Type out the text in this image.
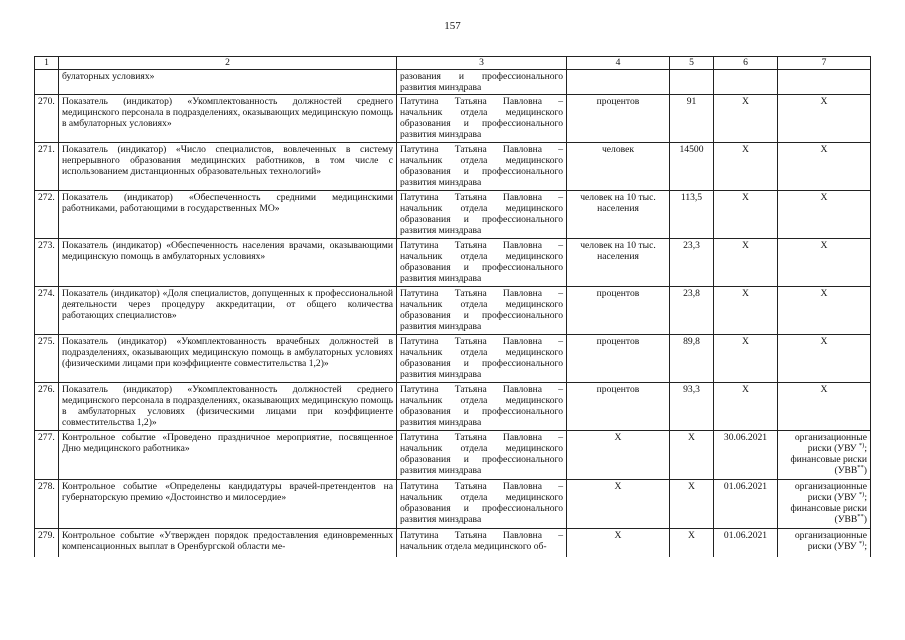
157
1	2	3	4	5	6	7
	булаторных условиях»	разования и профессионального развития минздрава				
270.	Показатель (индикатор) «Укомплектованность должностей среднего медицинского персонала в подразделениях, оказывающих медицинскую помощь в амбулаторных условиях»	Патутина Татьяна Павловна – начальник отдела медицинского образования и профессионального развития минздрава	процентов	91	Х	Х
271.	Показатель (индикатор) «Число специалистов, вовлеченных в систему непрерывного образования медицинских работников, в том числе с использованием дистанционных образовательных технологий»	Патутина Татьяна Павловна – начальник отдела медицинского образования и профессионального развития минздрава	человек	14500	Х	Х
272.	Показатель (индикатор) «Обеспеченность средними медицинскими работниками, работающими в государственных МО»	Патутина Татьяна Павловна – начальник отдела медицинского образования и профессионального развития минздрава	человек на 10 тыс. населения	113,5	Х	Х
273.	Показатель (индикатор) «Обеспеченность населения врачами, оказывающими медицинскую помощь в амбулаторных условиях»	Патутина Татьяна Павловна – начальник отдела медицинского образования и профессионального развития минздрава	человек на 10 тыс. населения	23,3	Х	Х
274.	Показатель (индикатор) «Доля специалистов, допущенных к профессиональной деятельности через процедуру аккредитации, от общего количества работающих специалистов»	Патутина Татьяна Павловна – начальник отдела медицинского образования и профессионального развития минздрава	процентов	23,8	Х	Х
275.	Показатель (индикатор) «Укомплектованность врачебных должностей в подразделениях, оказывающих медицинскую помощь в амбулаторных условиях (физическими лицами при коэффициенте совместительства 1,2)»	Патутина Татьяна Павловна – начальник отдела медицинского образования и профессионального развития минздрава	процентов	89,8	Х	Х
276.	Показатель (индикатор) «Укомплектованность должностей среднего медицинского персонала в подразделениях, оказывающих медицинскую помощь в амбулаторных условиях (физическими лицами при коэффициенте совместительства 1,2)»	Патутина Татьяна Павловна – начальник отдела медицинского образования и профессионального развития минздрава	процентов	93,3	Х	Х
277.	Контрольное событие «Проведено праздничное мероприятие, посвященное Дню медицинского работника»	Патутина Татьяна Павловна – начальник отдела медицинского образования и профессионального развития минздрава	Х	Х	30.06.2021	организационные риски (УВУ *); финансовые риски (УВВ**)
278.	Контрольное событие «Определены кандидатуры врачей-претендентов на губернаторскую премию «Достоинство и милосердие»	Патутина Татьяна Павловна – начальник отдела медицинского образования и профессионального развития минздрава	Х	Х	01.06.2021	организационные риски (УВУ *); финансовые риски (УВВ**)
279.	Контрольное событие «Утвержден порядок предоставления единовременных компенсационных выплат в Оренбургской области ме-	Патутина Татьяна Павловна – начальник отдела медицинского об-	Х	Х	01.06.2021	организационные риски (УВУ *);
